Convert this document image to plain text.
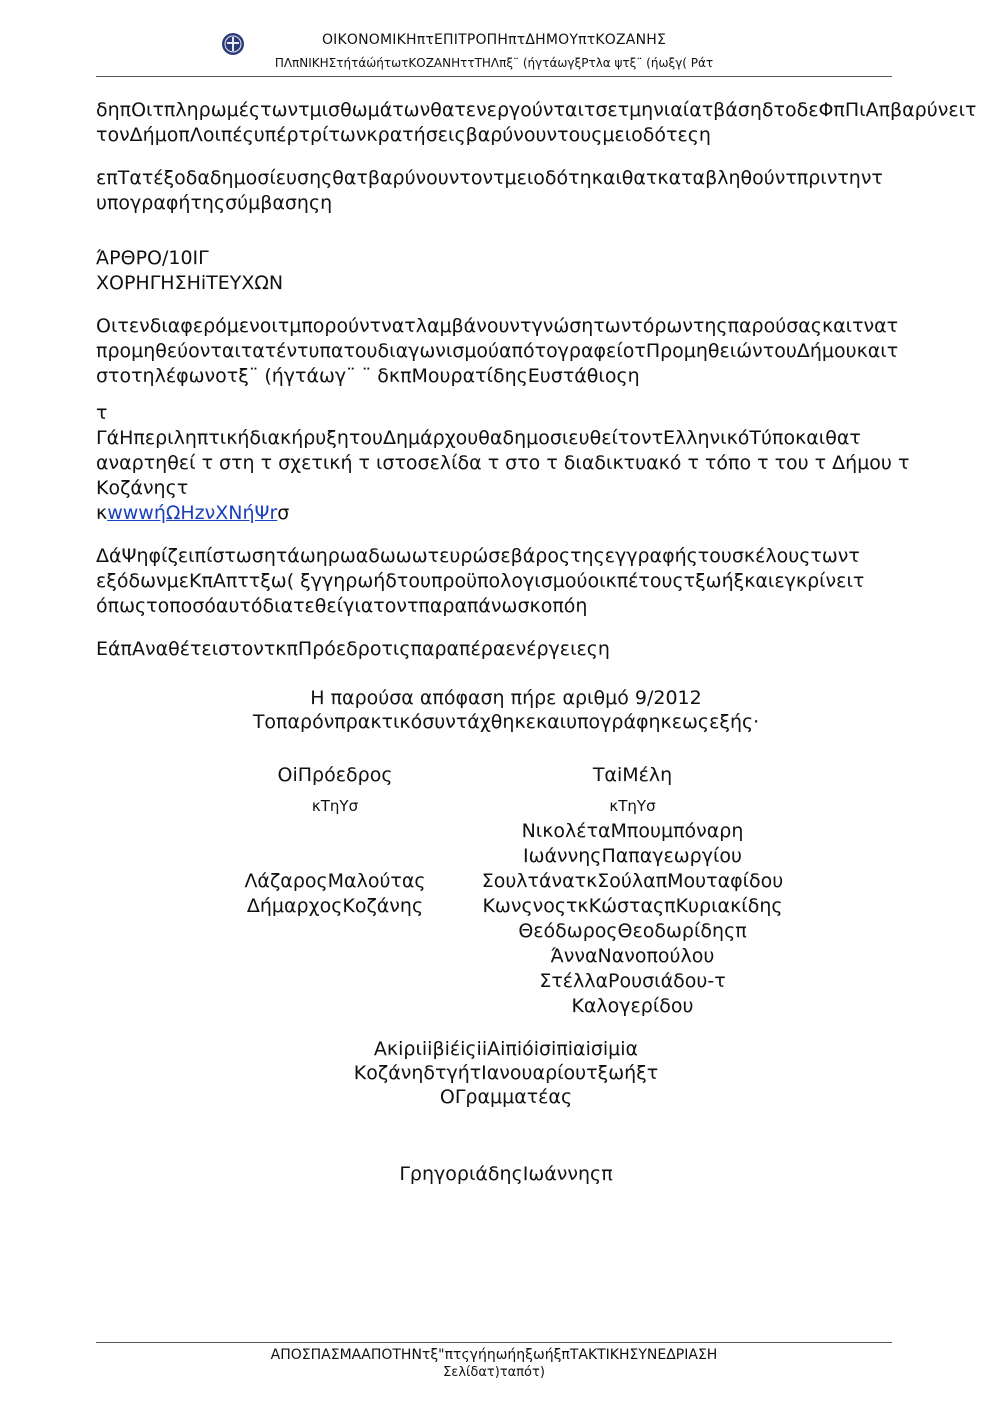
ΟΙΚΟΝΟΜΙΚΗπτΕΠΙΤΡΟΠΗπτΔΗΜΟΥπτΚΟΖΑΝΗΣ
ΠΛπΝΙΚΗΣτήτάώήτωτΚΟΖΑΝΗττΤΗΛπξ¨ (ήγτάωγξΡτλα ψτξ¨ (ήωξγ( Ράτ

δηπΟιτπληρωμέςτωντμισθωμάτωνθατενεργούνταιτσετμηνιαίατβάσηδτοδεΦπΠιΑπβαρύνειτ
τονΔήμοπΛοιπέςυπέρτρίτωνκρατήσειςβαρύνουντουςμειοδότεςη

επΤατέξοδαδημοσίευσηςθατβαρύνουντοντμειοδότηκαιθατκαταβληθούντπριντηντ
υπογραφήτηςσύμβασηςη

ΆΡΘΡΟ/10ΙΓ

ΧΟΡΗΓΗΣΗiΤΕΥΧΩΝ

Οιτενδιαφερόμενοιτμπορούντνατλαμβάνουντγνώσητωντόρωντηςπαρούσαςκαιτνατ
προμηθεύονταιτατέντυπατουδιαγωνισμούαπότογραφείοτΠρομηθειώντουΔήμουκαιτ
στοτηλέφωνοτξ¨ (ήγτάωγ¨ ¨ δκπΜουρατίδηςΕυστάθιοςη

τ

ΓάΗπεριληπτικήδιακήρυξητουΔημάρχουθαδημοσιευθείτοντΕλληνικόΤύποκαιθατ
αναρτηθεί τ στη τ σχετική τ ιστοσελίδα τ στο τ διαδικτυακό τ τόπο τ του τ Δήμου τ Κοζάνηςτ
κwwwήΩΗzνΧΝήΨrσ

ΔάΨηφίζειπίστωσητάωηρωαδωωωτευρώσεβάροςτηςεγγραφήςτουσκέλουςτωντ
εξόδωνμεΚπΑπττξω( ξγγηρωήδτουπροϋπολογισμούοικπέτουςτξωήξκαιεγκρίνειτ
όπωςτοποσόαυτόδιατεθείγιατοντπαραπάνωσκοπόη

ΕάπΑναθέτειστοντκπΠρόεδροτιςπαραπέραενέργειεςη

Η παρούσα απόφαση πήρε αριθμό 9/2012
Τοπαρόνπρακτικόσυντάχθηκεκαιυπογράφηκεωςεξής·
ΟiΠρόεδρος
κΤηΥσ
ΛάζαροςΜαλούτας
ΔήμαρχοςΚοζάνης
ΤαiΜέλη
κΤηΥσ
ΝικολέταΜπουμπόναρη
ΙωάννηςΠαπαγεωργίου
ΣουλτάνατκΣούλαπΜουταφίδου
ΚωνςνοςτκΚώσταςπΚυριακίδης
ΘεόδωροςΘεοδωρίδηςπ
ΆνναΝανοπούλου
ΣτέλλαΡουσιάδου-τ
Καλογερίδου
ΑκiριiiβiέiςiiΑiπiόiσiπiαiσiμiα
ΚοζάνηδτγήτΙανουαρίουτξωήξτ
ΟΓραμματέας
ΓρηγοριάδηςΙωάννηςπ
ΑΠΟΣΠΑΣΜΑΑΠΟΤΗΝτξ"πτςγήηωήηξωήξπΤΑΚΤΙΚΗΣΥΝΕΔΡΙΑΣΗ
Σελίδατ)ταπότ)
